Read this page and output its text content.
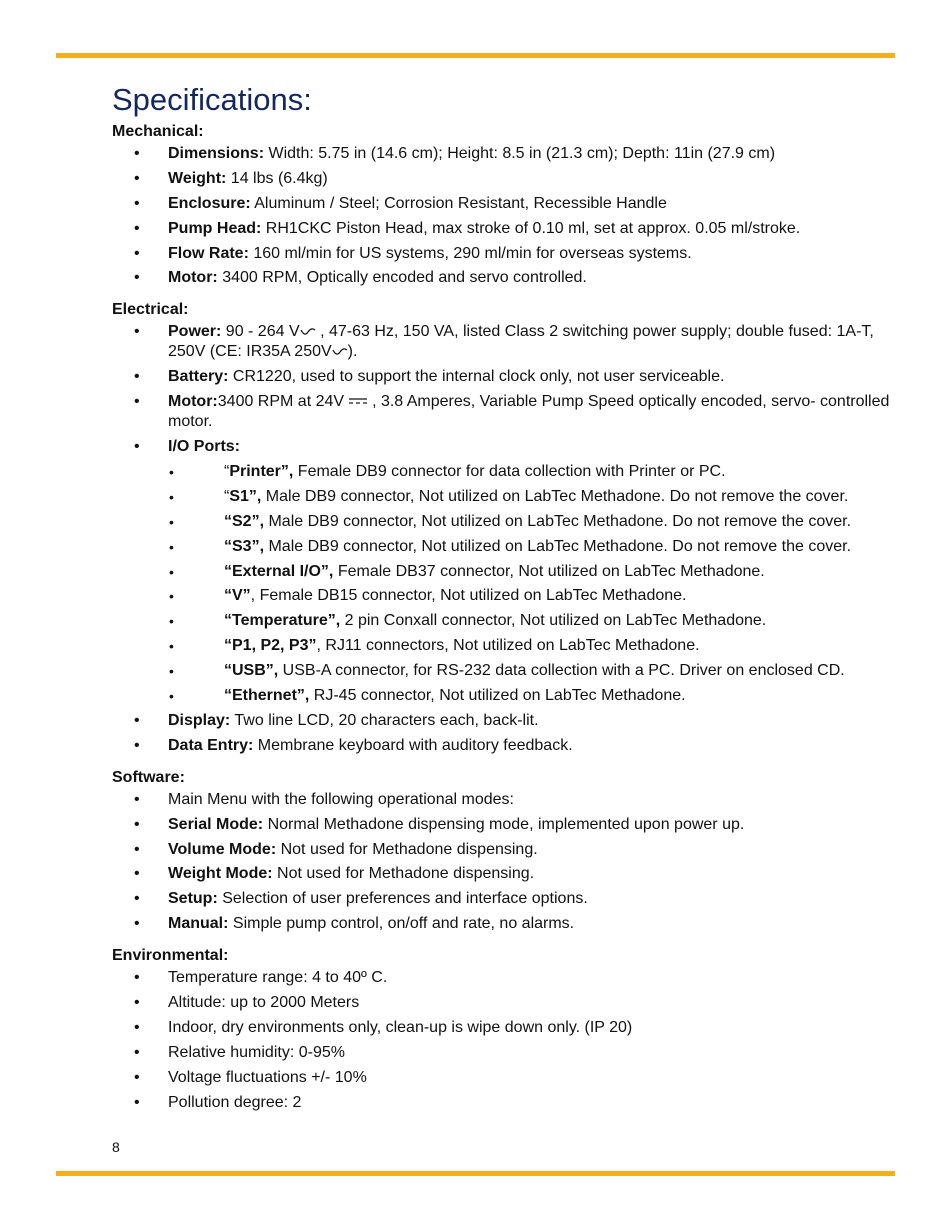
Specifications:

Mechanical:

• Dimensions: Width: 5.75 in (14.6 cm); Height: 8.5 in (21.3 cm); Depth: 11in (27.9 cm)
• Weight: 14 lbs (6.4kg)
• Enclosure: Aluminum / Steel; Corrosion Resistant, Recessible Handle
• Pump Head: RH1CKC Piston Head, max stroke of 0.10 ml, set at approx. 0.05 ml/stroke.
• Flow Rate: 160 ml/min for US systems, 290 ml/min for overseas systems.
• Motor: 3400 RPM, Optically encoded and servo controlled.

Electrical:

• Power: 90 - 264 V , 47-63 Hz, 150 VA, listed Class 2 switching power supply; double fused: 1A-T, 250V (CE: IR35A 250V ).
• Battery: CR1220, used to support the internal clock only, not user serviceable.
• Motor:3400 RPM at 24V , 3.8 Amperes, Variable Pump Speed optically encoded, servo- controlled motor.
• I/O Ports:
• “Printer”, Female DB9 connector for data collection with Printer or PC.
• “S1”, Male DB9 connector, Not utilized on LabTec Methadone. Do not remove the cover.
• “S2”, Male DB9 connector, Not utilized on LabTec Methadone. Do not remove the cover.
• “S3”, Male DB9 connector, Not utilized on LabTec Methadone. Do not remove the cover.
• “External I/O”, Female DB37 connector, Not utilized on LabTec Methadone.
• “V”, Female DB15 connector, Not utilized on LabTec Methadone.
• “Temperature”, 2 pin Conxall connector, Not utilized on LabTec Methadone.
• “P1, P2, P3”, RJ11 connectors, Not utilized on LabTec Methadone.
• “USB”, USB-A connector, for RS-232 data collection with a PC. Driver on enclosed CD.
• “Ethernet”, RJ-45 connector, Not utilized on LabTec Methadone.
• Display: Two line LCD, 20 characters each, back-lit.
• Data Entry: Membrane keyboard with auditory feedback.

Software:

• Main Menu with the following operational modes:
• Serial Mode: Normal Methadone dispensing mode, implemented upon power up.
• Volume Mode: Not used for Methadone dispensing.
• Weight Mode: Not used for Methadone dispensing.
• Setup: Selection of user preferences and interface options.
• Manual: Simple pump control, on/off and rate, no alarms.

Environmental:

• Temperature range: 4 to 40º C.
• Altitude: up to 2000 Meters
• Indoor, dry environments only, clean-up is wipe down only. (IP 20)
• Relative humidity: 0-95%
• Voltage fluctuations +/- 10%
• Pollution degree: 2
8
